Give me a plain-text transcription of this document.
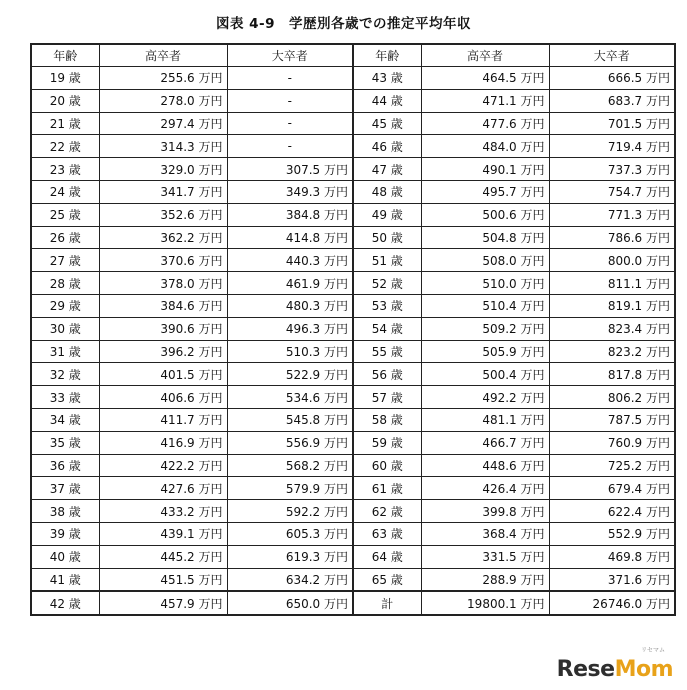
図表 4-9　学歴別各歳での推定平均年収
年齢	高卒者	大卒者	年齢	高卒者	大卒者
19 歳	255.6 万円	-	43 歳	464.5 万円	666.5 万円
20 歳	278.0 万円	-	44 歳	471.1 万円	683.7 万円
21 歳	297.4 万円	-	45 歳	477.6 万円	701.5 万円
22 歳	314.3 万円	-	46 歳	484.0 万円	719.4 万円
23 歳	329.0 万円	307.5 万円	47 歳	490.1 万円	737.3 万円
24 歳	341.7 万円	349.3 万円	48 歳	495.7 万円	754.7 万円
25 歳	352.6 万円	384.8 万円	49 歳	500.6 万円	771.3 万円
26 歳	362.2 万円	414.8 万円	50 歳	504.8 万円	786.6 万円
27 歳	370.6 万円	440.3 万円	51 歳	508.0 万円	800.0 万円
28 歳	378.0 万円	461.9 万円	52 歳	510.0 万円	811.1 万円
29 歳	384.6 万円	480.3 万円	53 歳	510.4 万円	819.1 万円
30 歳	390.6 万円	496.3 万円	54 歳	509.2 万円	823.4 万円
31 歳	396.2 万円	510.3 万円	55 歳	505.9 万円	823.2 万円
32 歳	401.5 万円	522.9 万円	56 歳	500.4 万円	817.8 万円
33 歳	406.6 万円	534.6 万円	57 歳	492.2 万円	806.2 万円
34 歳	411.7 万円	545.8 万円	58 歳	481.1 万円	787.5 万円
35 歳	416.9 万円	556.9 万円	59 歳	466.7 万円	760.9 万円
36 歳	422.2 万円	568.2 万円	60 歳	448.6 万円	725.2 万円
37 歳	427.6 万円	579.9 万円	61 歳	426.4 万円	679.4 万円
38 歳	433.2 万円	592.2 万円	62 歳	399.8 万円	622.4 万円
39 歳	439.1 万円	605.3 万円	63 歳	368.4 万円	552.9 万円
40 歳	445.2 万円	619.3 万円	64 歳	331.5 万円	469.8 万円
41 歳	451.5 万円	634.2 万円	65 歳	288.9 万円	371.6 万円
42 歳	457.9 万円	650.0 万円	計	19800.1 万円	26746.0 万円
リセマム
ReseMom
